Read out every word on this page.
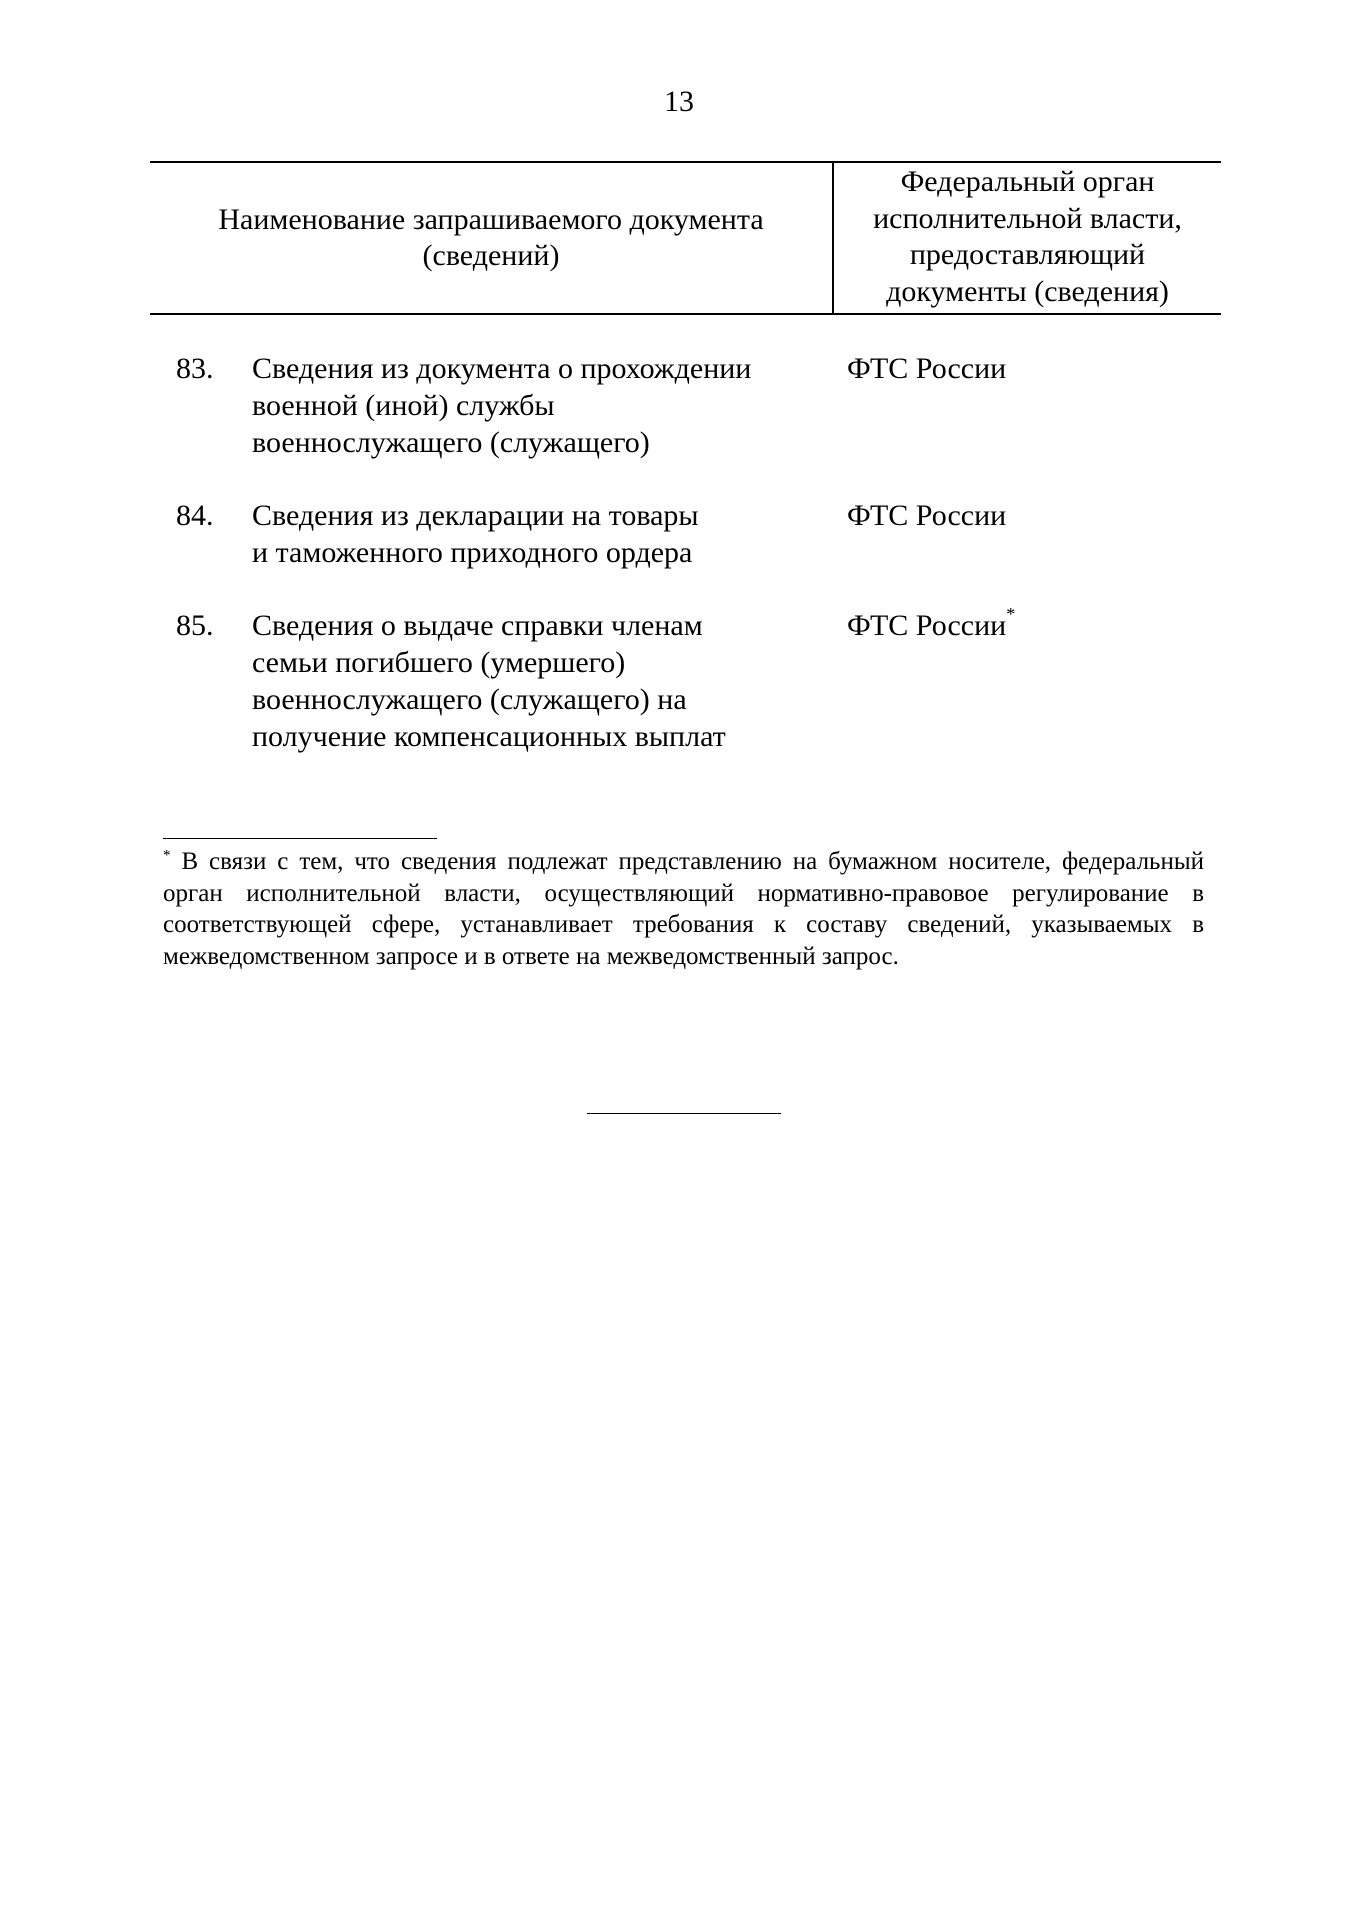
13
Наименование запрашиваемого документа
(сведений)
Федеральный орган
исполнительной власти,
предоставляющий
документы (сведения)
83. Сведения из документа о прохождении
военной (иной) службы
военнослужащего (служащего)
ФТС России
84. Сведения из декларации на товары
и таможенного приходного ордера
ФТС России
85. Сведения о выдаче справки членам
семьи погибшего (умершего)
военнослужащего (служащего) на
получение компенсационных выплат
ФТС России*
* В связи с тем, что сведения подлежат представлению на бумажном носителе, федеральный орган исполнительной власти, осуществляющий нормативно-правовое регулирование в соответствующей сфере, устанавливает требования к составу сведений, указываемых в межведомственном запросе и в ответе на межведомственный запрос.
